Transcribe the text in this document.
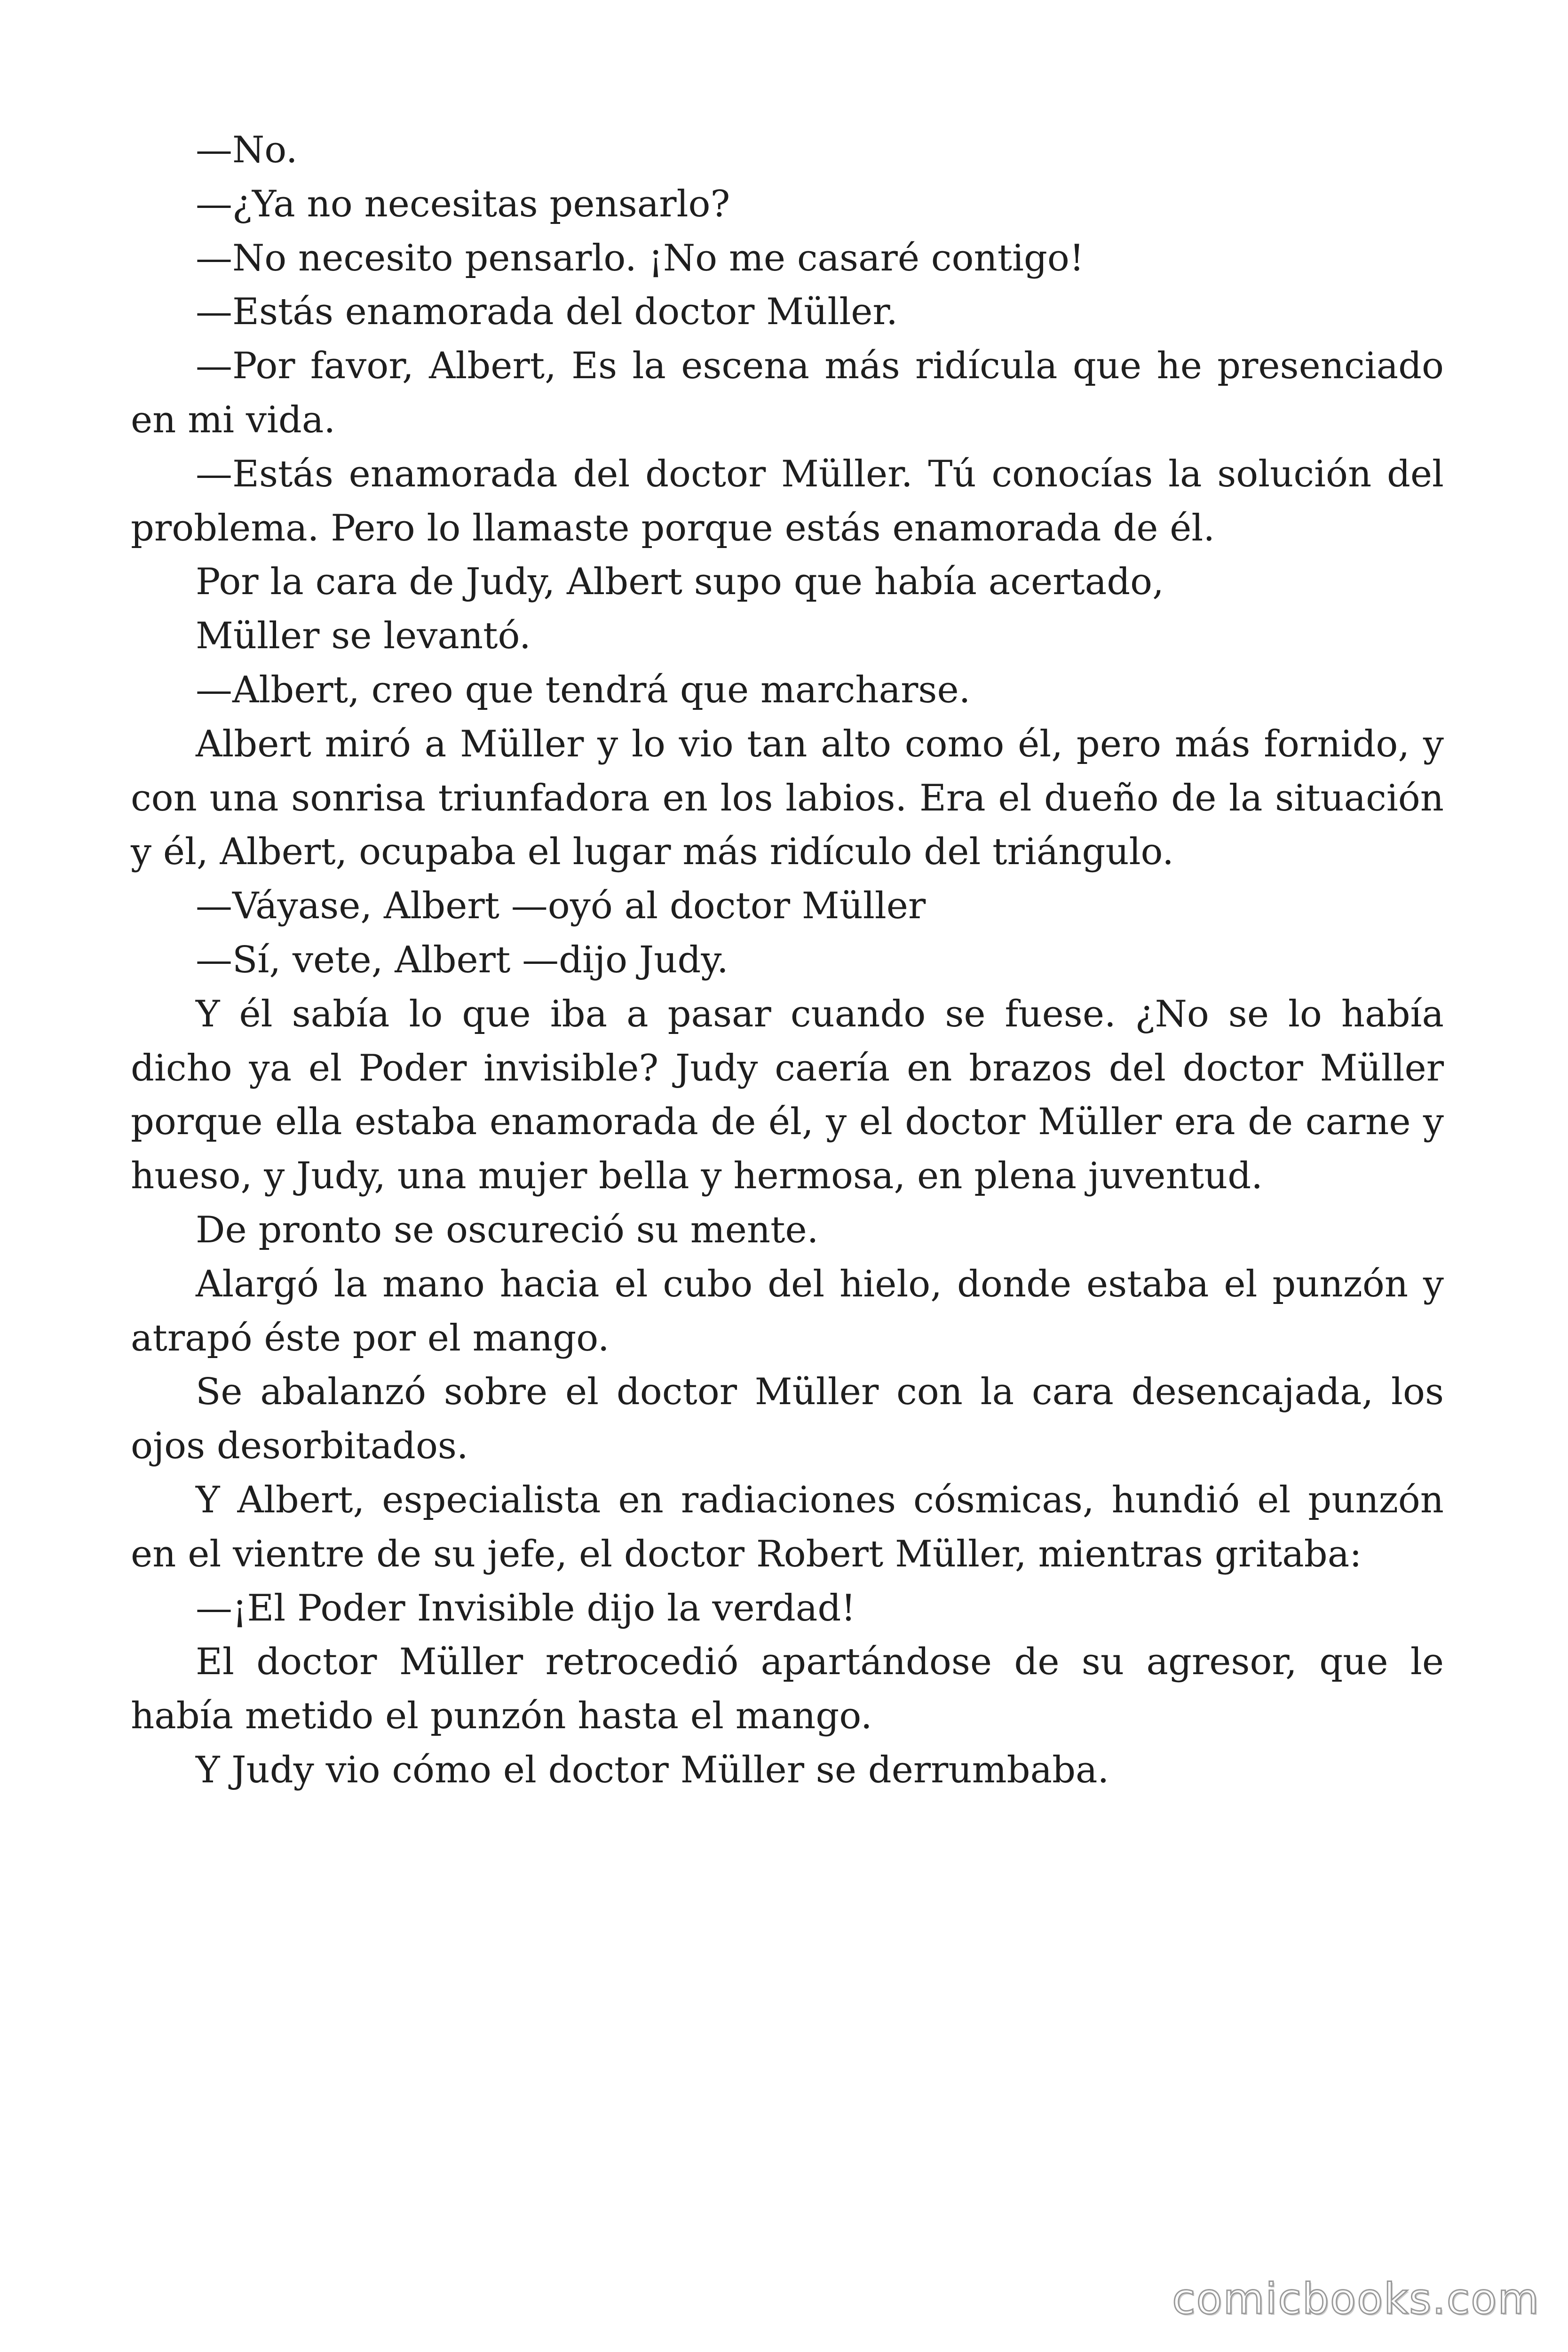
—No.

—¿Ya no necesitas pensarlo?

—No necesito pensarlo. ¡No me casaré contigo!

—Estás enamorada del doctor Müller.

—Por favor, Albert, Es la escena más ridícula que he presenciado en mi vida.

—Estás enamorada del doctor Müller. Tú conocías la solución del problema. Pero lo llamaste porque estás enamorada de él.

Por la cara de Judy, Albert supo que había acertado,

Müller se levantó.

—Albert, creo que tendrá que marcharse.

Albert miró a Müller y lo vio tan alto como él, pero más fornido, y con una sonrisa triunfadora en los labios. Era el dueño de la situación y él, Albert, ocupaba el lugar más ridículo del triángulo.

—Váyase, Albert —oyó al doctor Müller

—Sí, vete, Albert —dijo Judy.

Y él sabía lo que iba a pasar cuando se fuese. ¿No se lo había dicho ya el Poder invisible? Judy caería en brazos del doctor Müller porque ella estaba enamorada de él, y el doctor Müller era de carne y hueso, y Judy, una mujer bella y hermosa, en plena juventud.

De pronto se oscureció su mente.

Alargó la mano hacia el cubo del hielo, donde estaba el punzón y atrapó éste por el mango.

Se abalanzó sobre el doctor Müller con la cara desencajada, los ojos desorbitados.

Y Albert, especialista en radiaciones cósmicas, hundió el punzón en el vientre de su jefe, el doctor Robert Müller, mientras gritaba:

—¡El Poder Invisible dijo la verdad!

El doctor Müller retrocedió apartándose de su agresor, que le había metido el punzón hasta el mango.

Y Judy vio cómo el doctor Müller se derrumbaba.

comicbooks.com
